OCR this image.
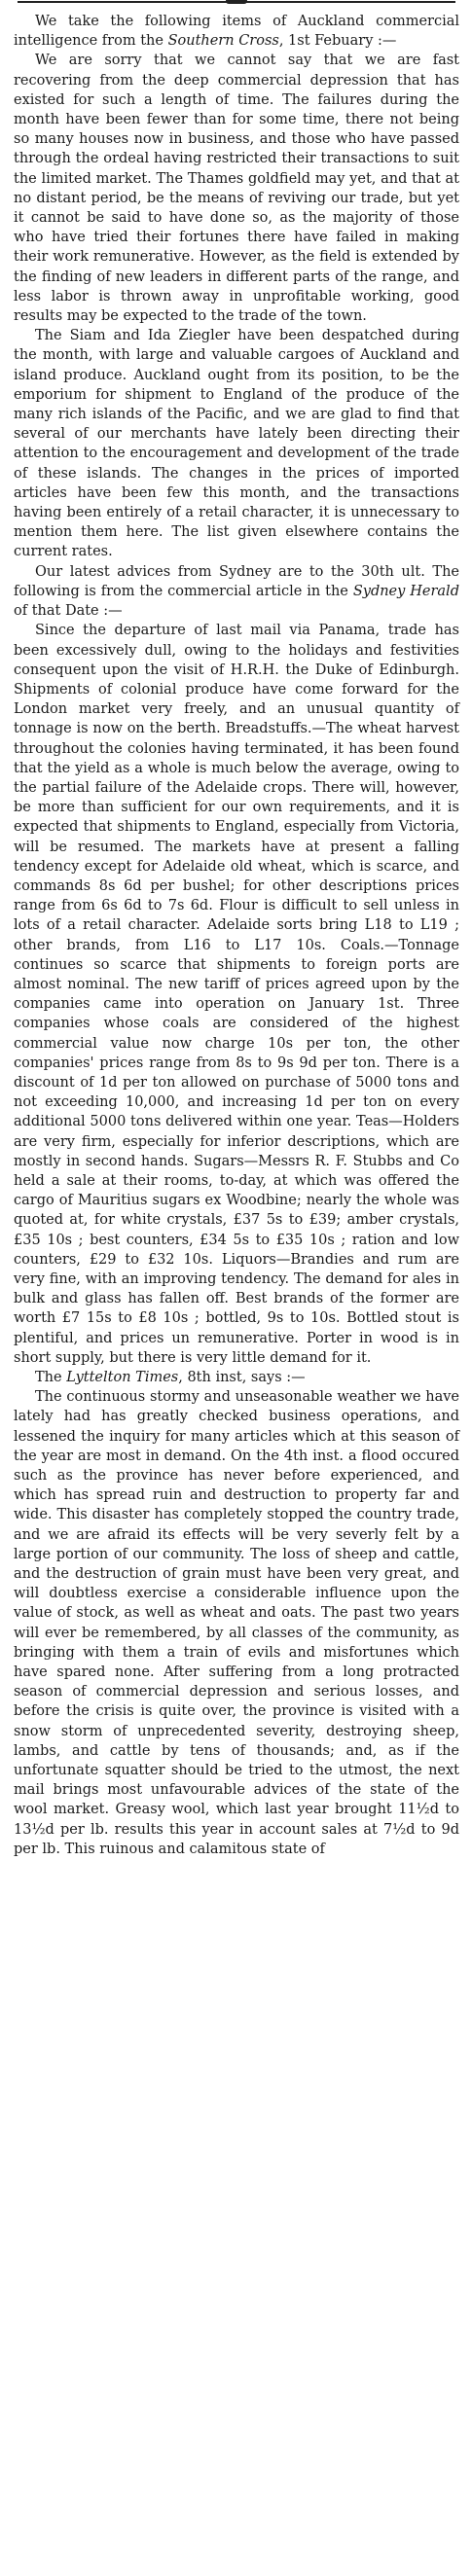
We take the following items of Auckland commercial intelligence from the Southern Cross, 1st Febuary :—

We are sorry that we cannot say that we are fast recovering from the deep commercial depression that has existed for such a length of time. The failures during the month have been fewer than for some time, there not being so many houses now in business, and those who have passed through the ordeal having restricted their transactions to suit the limited market. The Thames goldfield may yet, and that at no distant period, be the means of reviving our trade, but yet it cannot be said to have done so, as the majority of those who have tried their fortunes there have failed in making their work remunerative. However, as the field is extended by the finding of new leaders in different parts of the range, and less labor is thrown away in unprofitable working, good results may be expected to the trade of the town.

The Siam and Ida Ziegler have been despatched during the month, with large and valuable cargoes of Auckland and island produce. Auckland ought from its position, to be the emporium for shipment to England of the produce of the many rich islands of the Pacific, and we are glad to find that several of our merchants have lately been directing their attention to the encouragement and development of the trade of these islands. The changes in the prices of imported articles have been few this month, and the transactions having been entirely of a retail character, it is unnecessary to mention them here. The list given elsewhere contains the current rates.

Our latest advices from Sydney are to the 30th ult. The following is from the commercial article in the Sydney Herald of that Date :—

Since the departure of last mail via Panama, trade has been excessively dull, owing to the holidays and festivities consequent upon the visit of H.R.H. the Duke of Edinburgh. Shipments of colonial produce have come forward for the London market very freely, and an unusual quantity of tonnage is now on the berth. Breadstuffs.—The wheat harvest throughout the colonies having terminated, it has been found that the yield as a whole is much below the average, owing to the partial failure of the Adelaide crops. There will, however, be more than sufficient for our own requirements, and it is expected that shipments to England, especially from Victoria, will be resumed. The markets have at present a falling tendency except for Adelaide old wheat, which is scarce, and commands 8s 6d per bushel; for other descriptions prices range from 6s 6d to 7s 6d. Flour is difficult to sell unless in lots of a retail character. Adelaide sorts bring L18 to L19 ; other brands, from L16 to L17 10s. Coals.—Tonnage continues so scarce that shipments to foreign ports are almost nominal. The new tariff of prices agreed upon by the companies came into operation on January 1st. Three companies whose coals are considered of the highest commercial value now charge 10s per ton, the other companies' prices range from 8s to 9s 9d per ton. There is a discount of 1d per ton allowed on purchase of 5000 tons and not exceeding 10,000, and increasing 1d per ton on every additional 5000 tons delivered within one year. Teas—Holders are very firm, especially for inferior descriptions, which are mostly in second hands. Sugars—Messrs R. F. Stubbs and Co held a sale at their rooms, to-day, at which was offered the cargo of Mauritius sugars ex Woodbine; nearly the whole was quoted at, for white crystals, £37 5s to £39; amber crystals, £35 10s ; best counters, £34 5s to £35 10s ; ration and low counters, £29 to £32 10s. Liquors—Brandies and rum are very fine, with an improving tendency. The demand for ales in bulk and glass has fallen off. Best brands of the former are worth £7 15s to £8 10s ; bottled, 9s to 10s. Bottled stout is plentiful, and prices un remunerative. Porter in wood is in short supply, but there is very little demand for it.

The Lyttelton Times, 8th inst, says :—

The continuous stormy and unseasonable weather we have lately had has greatly checked business operations, and lessened the inquiry for many articles which at this season of the year are most in demand. On the 4th inst. a flood occured such as the province has never before experienced, and which has spread ruin and destruction to property far and wide. This disaster has completely stopped the country trade, and we are afraid its effects will be very severly felt by a large portion of our community. The loss of sheep and cattle, and the destruction of grain must have been very great, and will doubtless exercise a considerable influence upon the value of stock, as well as wheat and oats. The past two years will ever be remembered, by all classes of the community, as bringing with them a train of evils and misfortunes which have spared none. After suffering from a long protracted season of commercial depression and serious losses, and before the crisis is quite over, the province is visited with a snow storm of unprecedented severity, destroying sheep, lambs, and cattle by tens of thousands; and, as if the unfortunate squatter should be tried to the utmost, the next mail brings most unfavourable advices of the state of the wool market. Greasy wool, which last year brought 11½d to 13½d per lb. results this year in account sales at 7½d to 9d per lb. This ruinous and calamitous state of
